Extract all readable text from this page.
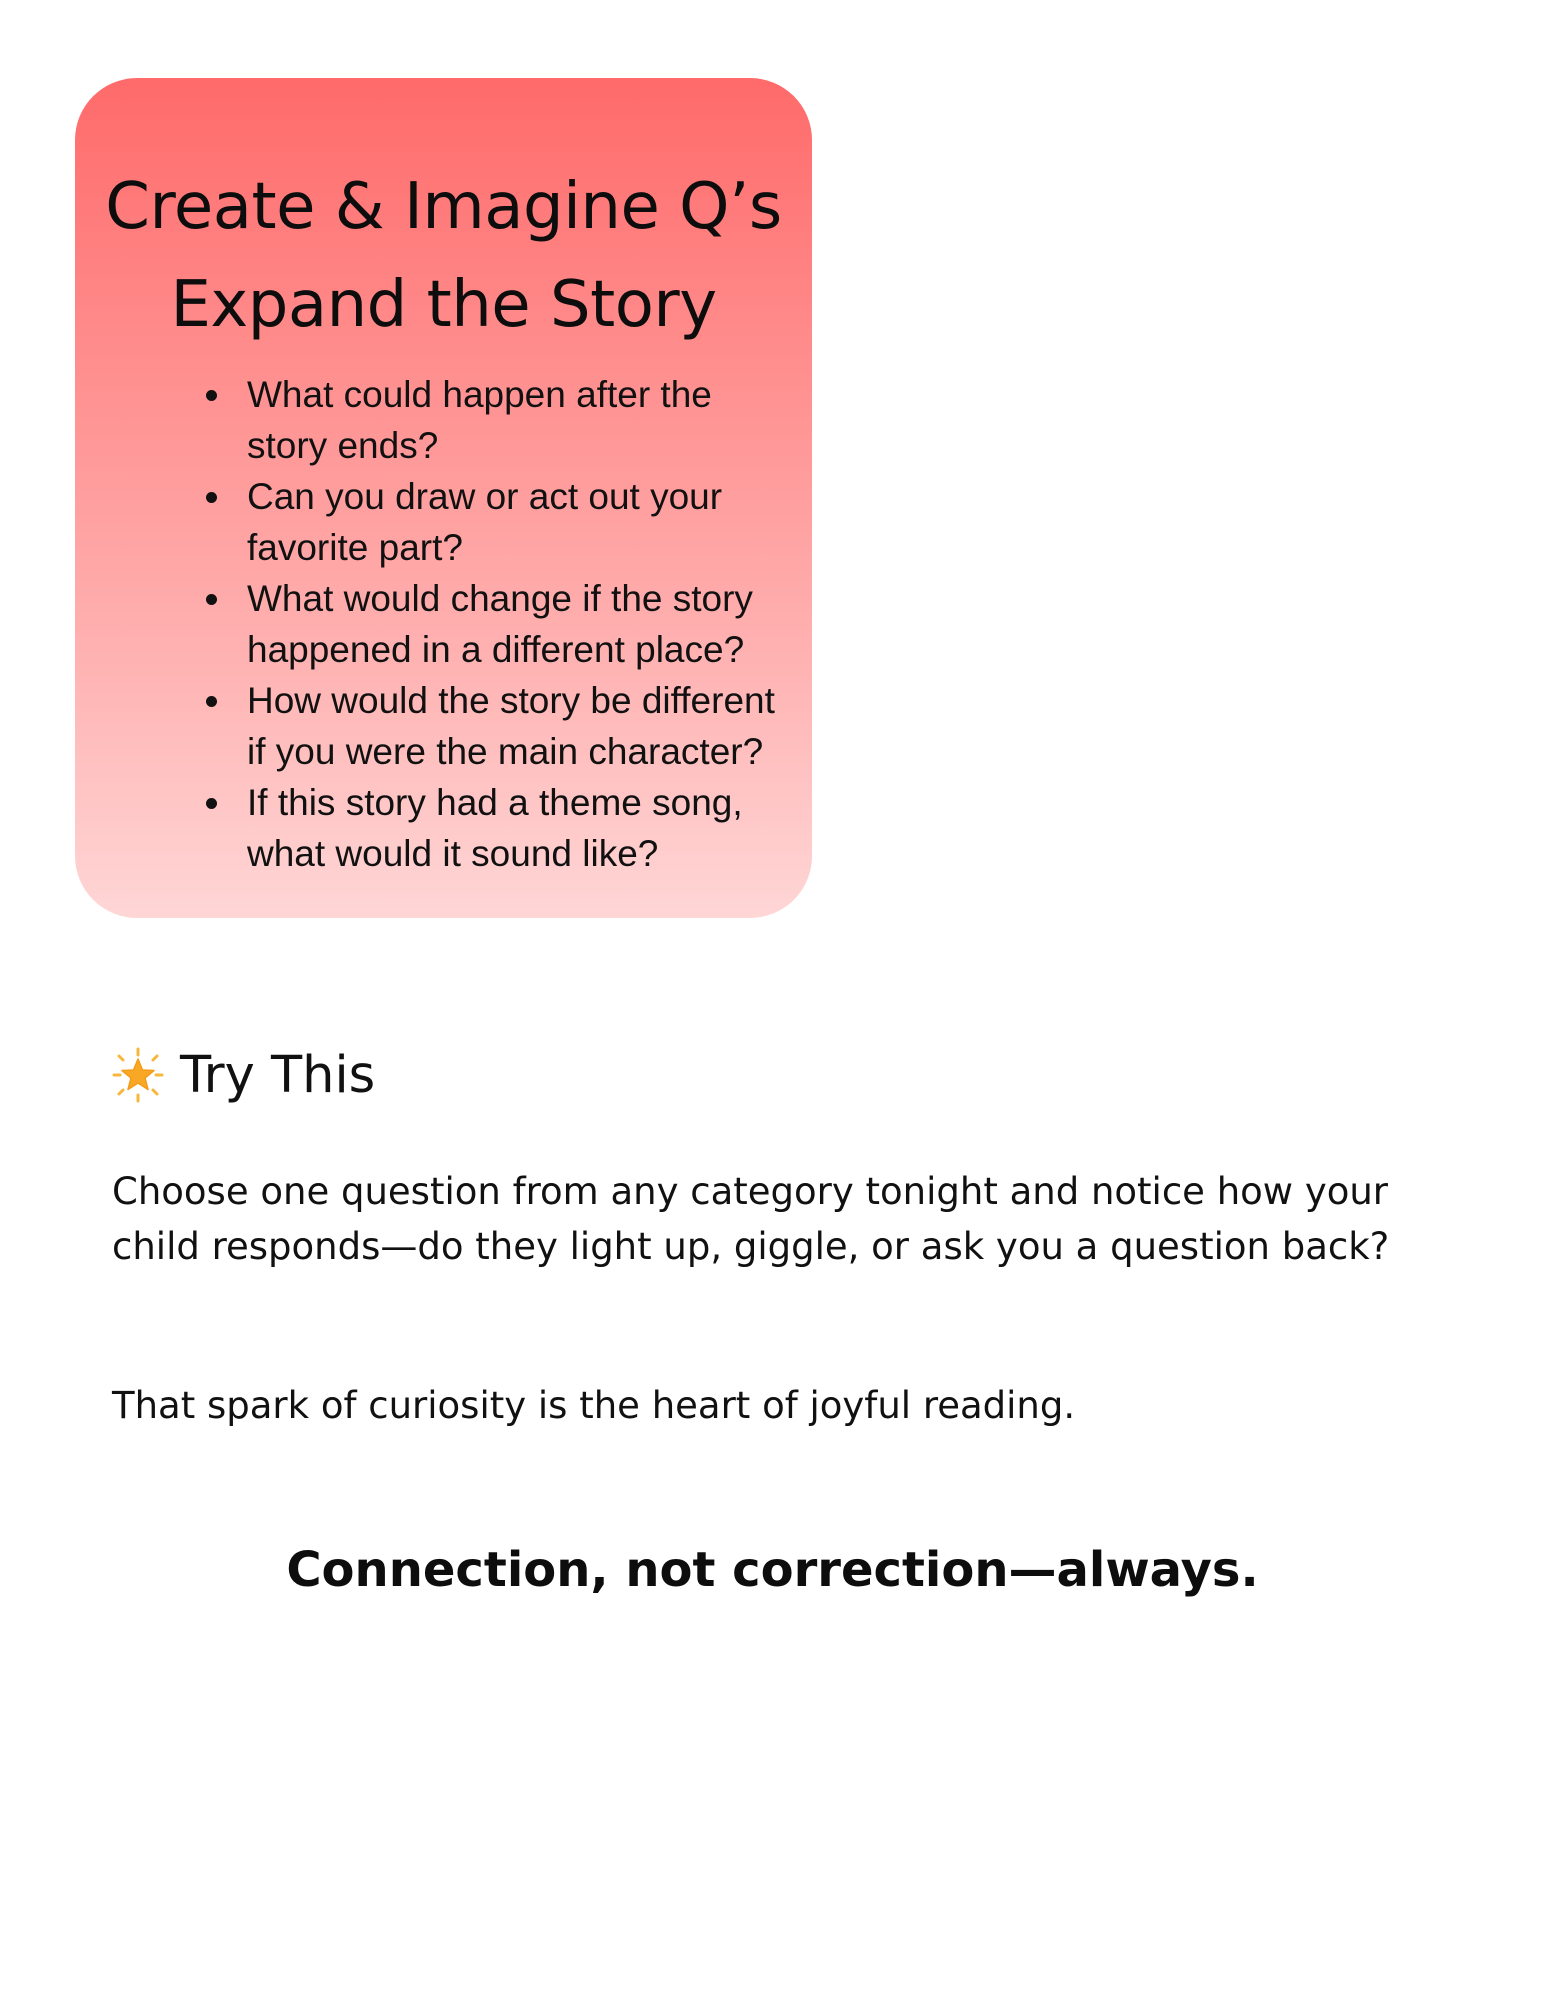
Create & Imagine Q’s
Expand the Story
What could happen after the
story ends?
Can you draw or act out your
favorite part?
What would change if the story
happened in a different place?
How would the story be different
if you were the main character?
If this story had a theme song,
what would it sound like?
Try This

Choose one question from any category tonight and notice how your child responds—do they light up, giggle, or ask you a question back?

That spark of curiosity is the heart of joyful reading.

Connection, not correction—always.
